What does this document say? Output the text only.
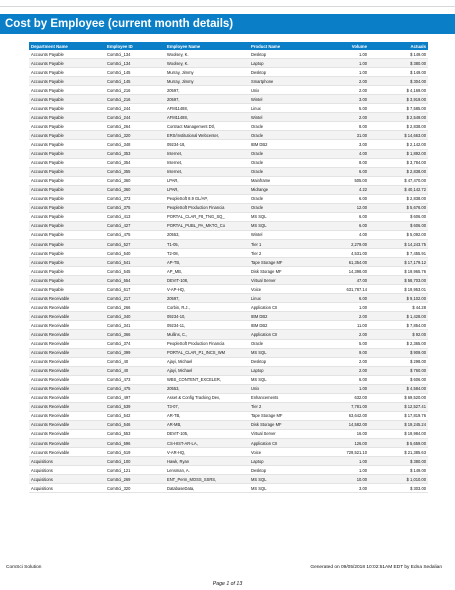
Cost by Employee (current month details)
Department Name	Employee ID	Employee Name	Product Name	Volume	Actuals
Accounts Payable	ComSci_134	Woolsey, K.	Desktop	1.00	$ 149.00
Accounts Payable	ComSci_134	Woolsey, K.	Laptop	1.00	$ 380.00
Accounts Payable	ComSci_145	Murray, Jimmy	Desktop	1.00	$ 149.00
Accounts Payable	ComSci_145	Murray, Jimmy	Smartphone	2.00	$ 304.00
Accounts Payable	ComSci_216	20597,	Unix	2.00	$ 4,169.00
Accounts Payable	ComSci_216	20597,	Wintel	3.00	$ 3,919.00
Accounts Payable	ComSci_244	AFM11488,	Linux	5.00	$ 7,585.00
Accounts Payable	ComSci_244	AFM11488,	Wintel	2.00	$ 2,549.00
Accounts Payable	ComSci_264	Contract Management Dtl,	Oracle	8.00	$ 2,838.00
Accounts Payable	ComSci_320	ERS/Institutional Webcenter,	Oracle	31.00	$ 14,663.00
Accounts Payable	ComSci_348	09234-18,	IBM DB2	3.00	$ 2,142.00
Accounts Payable	ComSci_353	Internet,	Oracle	4.00	$ 1,892.00
Accounts Payable	ComSci_354	Internet,	Oracle	8.00	$ 3,784.00
Accounts Payable	ComSci_355	Internet,	Oracle	6.00	$ 2,838.00
Accounts Payable	ComSci_360	LPAR,	Mainframe	505.00	$ 47,470.00
Accounts Payable	ComSci_360	LPAR,	Midrange	4.22	$ 40,142.72
Accounts Payable	ComSci_373	PeopleSoft 8.9 GL/AP,	Oracle	6.00	$ 2,838.00
Accounts Payable	ComSci_375	PeopleSoft Production Financia	Oracle	12.00	$ 5,676.00
Accounts Payable	ComSci_413	PORTAL_CLAR_F8_TNG_SQ_	MS SQL	6.00	$ 606.00
Accounts Payable	ComSci_427	PORTAL_PUBL_PA_MKTG_Co	MS SQL	6.00	$ 606.00
Accounts Payable	ComSci_475	20553,	Wintel	4.00	$ 5,092.00
Accounts Payable	ComSci_527	T1-05,	Tier 1	2,279.00	$ 14,243.75
Accounts Payable	ComSci_540	T2-08,	Tier 2	4,531.00	$ 7,455.91
Accounts Payable	ComSci_541	AP-TB,	Tape Storage MF	61,354.00	$ 17,179.12
Accounts Payable	ComSci_545	AP_MB,	Disk Storage MF	14,398.00	$ 19,965.76
Accounts Payable	ComSci_554	DEVIT-108,	Virtual Server	47.00	$ 58,703.00
Accounts Payable	ComSci_617	V-AP-HQ,	Voice	631,787.14	$ 19,953.01
Accounts Receivable	ComSci_217	20597,	Linux	6.00	$ 9,102.00
Accounts Receivable	ComSci_266	Corbin, R.J.,	Application CII	1.00	$ 44.28
Accounts Receivable	ComSci_340	09234-10,	IBM DB2	2.00	$ 1,428.00
Accounts Receivable	ComSci_341	09234-11,	IBM DB2	11.00	$ 7,854.00
Accounts Receivable	ComSci_366	Mullins, C.,	Application CII	2.00	$ 92.00
Accounts Receivable	ComSci_374	PeopleSoft Production Financia	Oracle	5.00	$ 2,365.00
Accounts Receivable	ComSci_399	PORTAL_CLAR_P1_INCS_WM	MS SQL	9.00	$ 909.00
Accounts Receivable	ComSci_40	Ajayi, Michael	Desktop	2.00	$ 298.00
Accounts Receivable	ComSci_40	Ajayi, Michael	Laptop	2.00	$ 760.00
Accounts Receivable	ComSci_473	WBS_CONTENT_EXCELER,	MS SQL	6.00	$ 606.00
Accounts Receivable	ComSci_475	20553,	Unix	1.00	$ 4,584.00
Accounts Receivable	ComSci_497	Asset & Config Tracking Dev,	Enhancements	632.00	$ 69,520.00
Accounts Receivable	ComSci_539	T3-07,	Tier 2	7,781.00	$ 12,527.41
Accounts Receivable	ComSci_542	AR-TB,	Tape Storage MF	63,642.00	$ 17,819.76
Accounts Receivable	ComSci_546	AR-MB,	Disk Storage MF	14,582.00	$ 19,245.24
Accounts Receivable	ComSci_553	DEVIT-105,	Virtual Server	16.00	$ 19,984.00
Accounts Receivable	ComSci_596	CS-HIST-AR-LA,	Application CII	126.00	$ 5,659.00
Accounts Receivable	ComSci_619	V-AR-HQ,	Voice	729,521.10	$ 21,385.63
Acquisitions	ComSci_100	Hawk, Ryan	Laptop	1.00	$ 380.00
Acquisitions	ComSci_121	Lensman, A.	Desktop	1.00	$ 149.00
Acquisitions	ComSci_269	ENT_Perm_MOSS_SSRS,	MS SQL	10.00	$ 1,010.00
Acquisitions	ComSci_320	DatabaseData,	MS SQL	3.00	$ 303.00
ComSci Solution	Generated on 09/05/2018 10:02:51AM EDT by Edna Sedalian
Page 1 of 13
